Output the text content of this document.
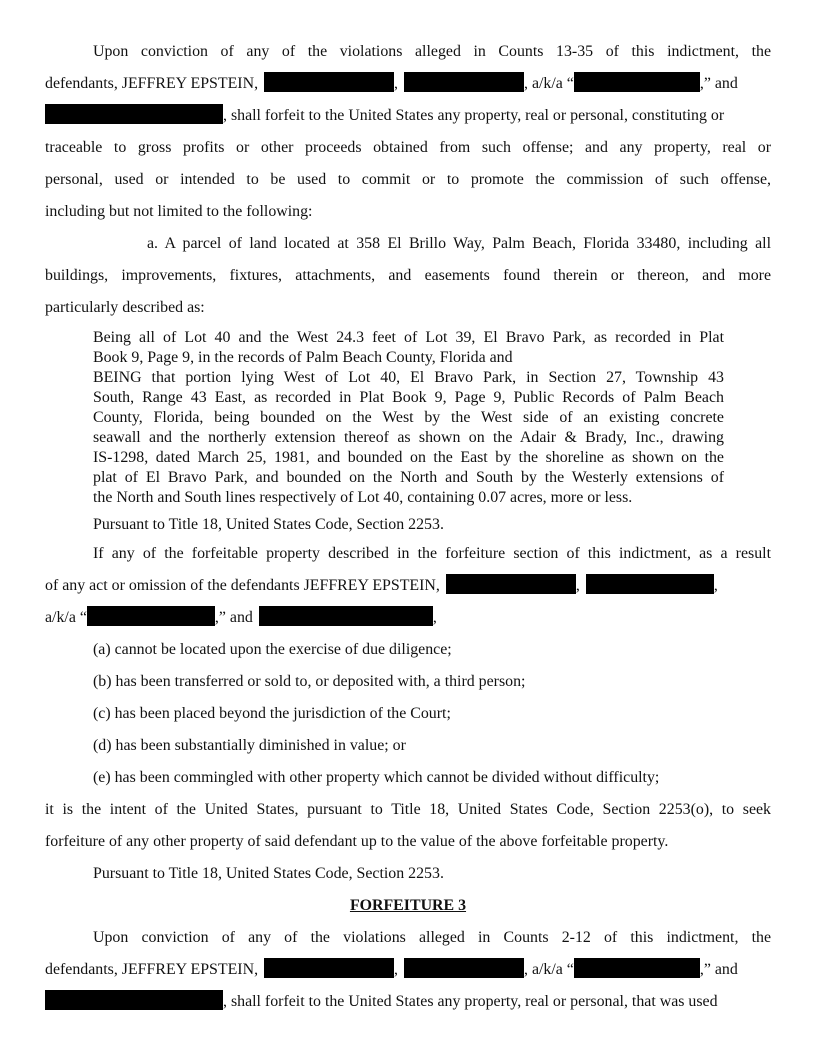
Upon conviction of any of the violations alleged in Counts 13-35 of this indictment, the
defendants, JEFFREY EPSTEIN,	,	, a/k/a “	,” and
, shall forfeit to the United States any property, real or personal, constituting or
traceable to gross profits or other proceeds obtained from such offense; and any property, real or
personal, used or intended to be used to commit or to promote the commission of such offense,
including but not limited to the following:
a. A parcel of land located at 358 El Brillo Way, Palm Beach, Florida 33480, including all
buildings, improvements, fixtures, attachments, and easements found therein or thereon, and more
particularly described as:
Being all of Lot 40 and the West 24.3 feet of Lot 39, El Bravo Park, as recorded in Plat
Book 9, Page 9, in the records of Palm Beach County, Florida and
BEING that portion lying West of Lot 40, El Bravo Park, in Section 27, Township 43
South, Range 43 East, as recorded in Plat Book 9, Page 9, Public Records of Palm Beach
County, Florida, being bounded on the West by the West side of an existing concrete
seawall and the northerly extension thereof as shown on the Adair & Brady, Inc., drawing
IS-1298, dated March 25, 1981, and bounded on the East by the shoreline as shown on the
plat of El Bravo Park, and bounded on the North and South by the Westerly extensions of
the North and South lines respectively of Lot 40, containing 0.07 acres, more or less.
Pursuant to Title 18, United States Code, Section 2253.
If any of the forfeitable property described in the forfeiture section of this indictment, as a result
of any act or omission of the defendants JEFFREY EPSTEIN,	,	,
a/k/a “	,” and	,
(a) cannot be located upon the exercise of due diligence;
(b) has been transferred or sold to, or deposited with, a third person;
(c) has been placed beyond the jurisdiction of the Court;
(d) has been substantially diminished in value; or
(e) has been commingled with other property which cannot be divided without difficulty;
it is the intent of the United States, pursuant to Title 18, United States Code, Section 2253(o), to seek
forfeiture of any other property of said defendant up to the value of the above forfeitable property.
Pursuant to Title 18, United States Code, Section 2253.
FORFEITURE 3
Upon conviction of any of the violations alleged in Counts 2-12 of this indictment, the
defendants, JEFFREY EPSTEIN,	,	, a/k/a “	,” and
, shall forfeit to the United States any property, real or personal, that was used
